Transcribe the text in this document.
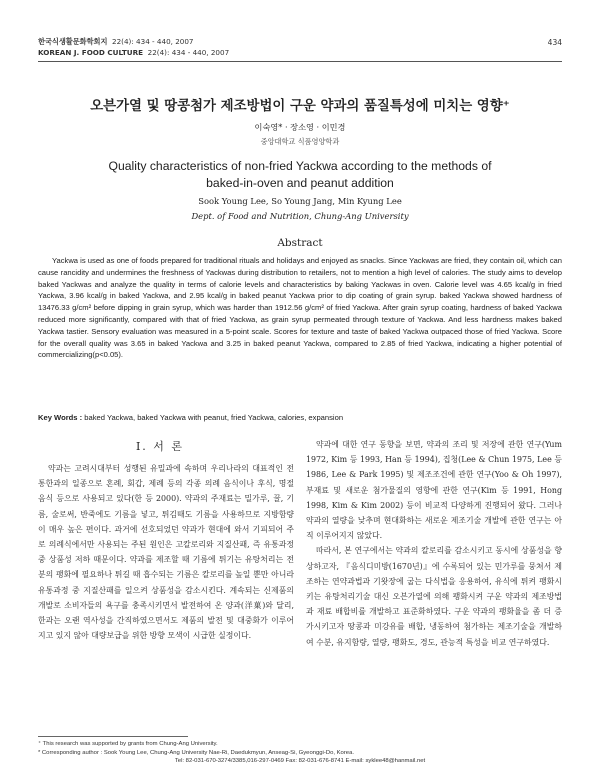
한국식생활문화학회지 22(4): 434 - 440, 2007
KOREAN J. FOOD CULTURE 22(4): 434 - 440, 2007
434
오븐가열 및 땅콩첨가 제조방법이 구운 약과의 품질특성에 미치는 영향⁺
이숙영* · 장소영 · 이민경
중앙대학교 식품영양학과
Quality characteristics of non-fried Yackwa according to the methods of
baked-in-oven and peanut addition
Sook Young Lee, So Young Jang, Min Kyung Lee
Dept. of Food and Nutrition, Chung-Ang University
Abstract

Yackwa is used as one of foods prepared for traditional rituals and holidays and enjoyed as snacks. Since Yackwas are fried, they contain oil, which can cause rancidity and undermines the freshness of Yackwas during distribution to retailers, not to mention a high level of calories. The study aims to develop baked Yackwas and analyze the quality in terms of calorie levels and characteristics by baking Yackwas in oven. Calorie level was 4.65 kcal/g in fried Yackwa, 3.96 kcal/g in baked Yackwa, and 2.95 kcal/g in baked peanut Yackwa prior to dip coating of grain syrup. baked Yackwa showed hardness of 13476.33 g/cm² before dipping in grain syrup, which was harder than 1912.56 g/cm² of fried Yackwa. After grain syrup coating, hardness of baked Yackwa reduced more significantly, compared with that of fried Yackwa, as grain syrup permeated through texture of Yackwa. And less hardness makes baked Yackwa tastier. Sensory evaluation was measured in a 5-point scale. Scores for texture and taste of baked Yackwa outpaced those of fried Yackwa. Score for the overall quality was 3.65 in baked Yackwa and 3.25 in baked peanut Yackwa, compared to 2.85 of fried Yackwa, indicating a higher potential of commercializing(p<0.05).

Key Words : baked Yackwa, baked Yackwa with peanut, fried Yackwa, calories, expansion
Ⅰ. 서 론

약과는 고려시대부터 성행된 유밀과에 속하며 우리나라의 대표적인 전통한과의 일종으로 혼례, 회갑, 제례 등의 각종 의례 음식이나 후식, 명절 음식 등으로 사용되고 있다(한 등 2000). 약과의 주재료는 밀가루, 꿀, 기름, 술로써, 반죽에도 기름을 넣고, 튀김때도 기름을 사용하므로 지방함량이 매우 높은 편이다. 과거에 선호되었던 약과가 현대에 와서 기피되어 주로 의례식에서만 사용되는 주된 원인은 고칼로리와 지질산패, 즉 유통과정 중 상품성 저하 때문이다. 약과를 제조할 때 기름에 튀기는 유탕처리는 전분의 팽화에 필요하나 튀길 때 흡수되는 기름은 칼로리를 높일 뿐만 아니라 유통과정 중 지질산패를 일으켜 상품성을 감소시킨다. 계속되는 신제품의 개발로 소비자들의 욕구를 충족시키면서 발전하여 온 양과(洋菓)와 달리, 한과는 오랜 역사성을 간직하였으면서도 제품의 발전 및 대중화가 이루어지고 있지 않아 대량보급을 위한 방향 모색이 시급한 실정이다.

약과에 대한 연구 동향을 보면, 약과의 조리 및 저장에 관한 연구(Yum 1972, Kim 등 1993, Han 등 1994), 집청(Lee & Chun 1975, Lee 등 1986, Lee & Park 1995) 및 제조조건에 관한 연구(Yoo & Oh 1997), 부재료 및 새로운 첨가물질의 영향에 관한 연구(Kim 등 1991, Hong 1998, Kim & Kim 2002) 등이 비교적 다양하게 진행되어 왔다. 그러나 약과의 열량을 낮추며 현대화하는 새로운 제조기술 개발에 관한 연구는 아직 이루어지지 않았다.

따라서, 본 연구에서는 약과의 칼로리를 감소시키고 동시에 상품성을 향상하고자, 『음식디미방(1670년)』에 수록되어 있는 민가루를 뭉쳐서 제조하는 연약과법과 기왓장에 굽는 다식법을 응용하여, 유식에 튀켜 팽화시키는 유탕처리기술 대신 오븐가열에 의해 팽화시켜 구운 약과의 제조방법과 재료 배합비를 개발하고 표준화하였다. 구운 약과의 팽화율을 좀 더 증가시키고자 땅콩과 미강유를 배합, 냉동하여 첨가하는 제조기술을 개발하여 수분, 유지함량, 열량, 팽화도, 경도, 관능적 특성을 비교 연구하였다.

⁺ This research was supported by grants from Chung-Ang University.
* Corresponding author : Sook Young Lee, Chung-Ang University Nae-Ri, Daedukmyun, Anseag-Si, Gyeonggi-Do, Korea.
Tel: 82-031-670-3274/3385,016-297-0469 Fax: 82-031-676-8741 E-mail: syklee48@hanmail.net
